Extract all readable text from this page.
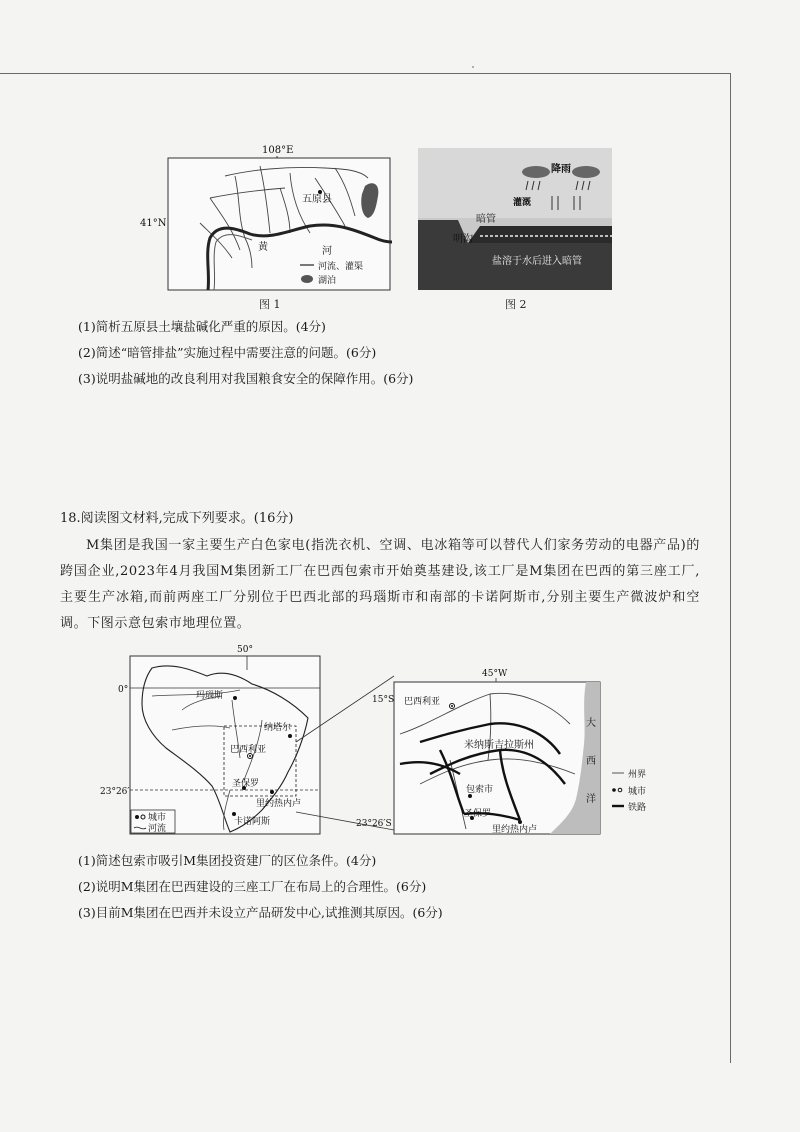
108°E
41°N
五原县
黄	河
河流、灌渠
湖泊
图 1
降雨
灌溉
暗管
明沟
盐溶于水后进入暗管
图 2
(1)简析五原县土壤盐碱化严重的原因。(4分)
(2)简述“暗管排盐”实施过程中需要注意的问题。(6分)
(3)说明盐碱地的改良利用对我国粮食安全的保障作用。(6分)
18.阅读图文材料,完成下列要求。(16分)
M集团是我国一家主要生产白色家电(指洗衣机、空调、电冰箱等可以替代人们家务劳动的电器产品)的跨国企业,2023年4月我国M集团新工厂在巴西包索市开始奠基建设,该工厂是M集团在巴西的第三座工厂,主要生产冰箱,而前两座工厂分别位于巴西北部的玛瑙斯市和南部的卡诺阿斯市,分别主要生产微波炉和空调。下图示意包索市地理位置。
50°
0°
23°26′
玛瑙斯
纳塔尔
巴西利亚
圣保罗
里约热内卢
卡诺阿斯
城市
河流
45°W
15°S
23°26′S
大
西
洋
巴西利亚
米纳斯吉拉斯州
包索市
圣保罗
里约热内卢
州界
城市
铁路
(1)简述包索市吸引M集团投资建厂的区位条件。(4分)
(2)说明M集团在巴西建设的三座工厂在布局上的合理性。(6分)
(3)目前M集团在巴西并未设立产品研发中心,试推测其原因。(6分)
